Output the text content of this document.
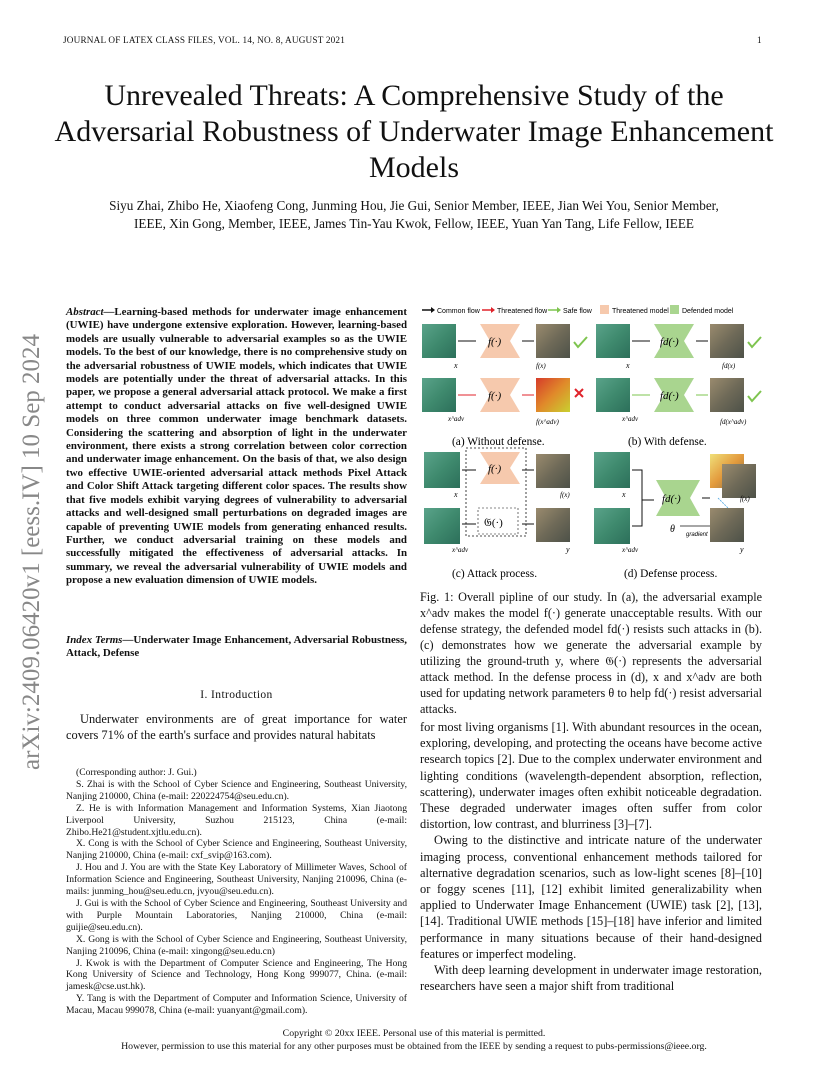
JOURNAL OF LATEX CLASS FILES, VOL. 14, NO. 8, AUGUST 2021	1
Unrevealed Threats: A Comprehensive Study of the Adversarial Robustness of Underwater Image Enhancement Models
Siyu Zhai, Zhibo He, Xiaofeng Cong, Junming Hou, Jie Gui, Senior Member, IEEE, Jian Wei You, Senior Member, IEEE, Xin Gong, Member, IEEE, James Tin-Yau Kwok, Fellow, IEEE, Yuan Yan Tang, Life Fellow, IEEE
arXiv:2409.06420v1 [eess.IV] 10 Sep 2024
Abstract—Learning-based methods for underwater image enhancement (UWIE) have undergone extensive exploration. However, learning-based models are usually vulnerable to adversarial examples so as the UWIE models. To the best of our knowledge, there is no comprehensive study on the adversarial robustness of UWIE models, which indicates that UWIE models are potentially under the threat of adversarial attacks. In this paper, we propose a general adversarial attack protocol. We make a first attempt to conduct adversarial attacks on five well-designed UWIE models on three common underwater image benchmark datasets. Considering the scattering and absorption of light in the underwater environment, there exists a strong correlation between color correction and underwater image enhancement. On the basis of that, we also design two effective UWIE-oriented adversarial attack methods Pixel Attack and Color Shift Attack targeting different color spaces. The results show that five models exhibit varying degrees of vulnerability to adversarial attacks and well-designed small perturbations on degraded images are capable of preventing UWIE models from generating enhanced results. Further, we conduct adversarial training on these models and successfully mitigated the effectiveness of adversarial attacks. In summary, we reveal the adversarial vulnerability of UWIE models and propose a new evaluation dimension of UWIE models.
Index Terms—Underwater Image Enhancement, Adversarial Robustness, Attack, Defense
I. Introduction
Underwater environments are of great importance for water covers 71% of the earth's surface and provides natural habitats

(Corresponding author: J. Gui.)

S. Zhai is with the School of Cyber Science and Engineering, Southeast University, Nanjing 210000, China (e-mail: 220224754@seu.edu.cn).

Z. He is with Information Management and Information Systems, Xian Jiaotong Liverpool University, Suzhou 215123, China (e-mail: Zhibo.He21@student.xjtlu.edu.cn).

X. Cong is with the School of Cyber Science and Engineering, Southeast University, Nanjing 210000, China (e-mail: cxf_svip@163.com).

J. Hou and J. You are with the State Key Laboratory of Millimeter Waves, School of Information Science and Engineering, Southeast University, Nanjing 210096, China (e-mails: junming_hou@seu.edu.cn, jvyou@seu.edu.cn).

J. Gui is with the School of Cyber Science and Engineering, Southeast University and with Purple Mountain Laboratories, Nanjing 210000, China (e-mail: guijie@seu.edu.cn).

X. Gong is with the School of Cyber Science and Engineering, Southeast University, Nanjing 210096, China (e-mail: xingong@seu.edu.cn)

J. Kwok is with the Department of Computer Science and Engineering, The Hong Kong University of Science and Technology, Hong Kong 999077, China. (e-mail: jamesk@cse.ust.hk).

Y. Tang is with the Department of Computer and Information Science, University of Macau, Macau 999078, China (e-mail: yuanyant@gmail.com).

Common flow Threatened flow Safe flow	Threatened model Defended model
x
f(·)
f(x)
x^adv
f(·)
f(x^adv)
(a) Without defense.
x
fd(·)
fd(x)
x^adv
fd(·)
fd(x^adv)
(b) With defense.
x
f(·)
𝔊(·)
f(x)
x^adv	y
(c) Attack process.
x
x^adv
fd(·)
θ gradient
f(x)
y
(d) Defense process.
Fig. 1: Overall pipline of our study. In (a), the adversarial example x^adv makes the model f(·) generate unacceptable results. With our defense strategy, the defended model fd(·) resists such attacks in (b). (c) demonstrates how we generate the adversarial example by utilizing the ground-truth y, where 𝔊(·) represents the adversarial attack method. In the defense process in (d), x and x^adv are both used for updating network parameters θ to help fd(·) resist adversarial attacks.

for most living organisms [1]. With abundant resources in the ocean, exploring, developing, and protecting the oceans have become active research topics [2]. Due to the complex underwater environment and lighting conditions (wavelength-dependent absorption, reflection, scattering), underwater images often exhibit noticeable degradation. These degraded underwater images often suffer from color distortion, low contrast, and blurriness [3]–[7].

Owing to the distinctive and intricate nature of the underwater imaging process, conventional enhancement methods tailored for alternative degradation scenarios, such as low-light scenes [8]–[10] or foggy scenes [11], [12] exhibit limited generalizability when applied to Underwater Image Enhancement (UWIE) task [2], [13], [14]. Traditional UWIE methods [15]–[18] have inferior and limited performance in many situations because of their hand-designed features or imperfect modeling.

With deep learning development in underwater image restoration, researchers have seen a major shift from traditional

Copyright © 20xx IEEE. Personal use of this material is permitted.
However, permission to use this material for any other purposes must be obtained from the IEEE by sending a request to pubs-permissions@ieee.org.
